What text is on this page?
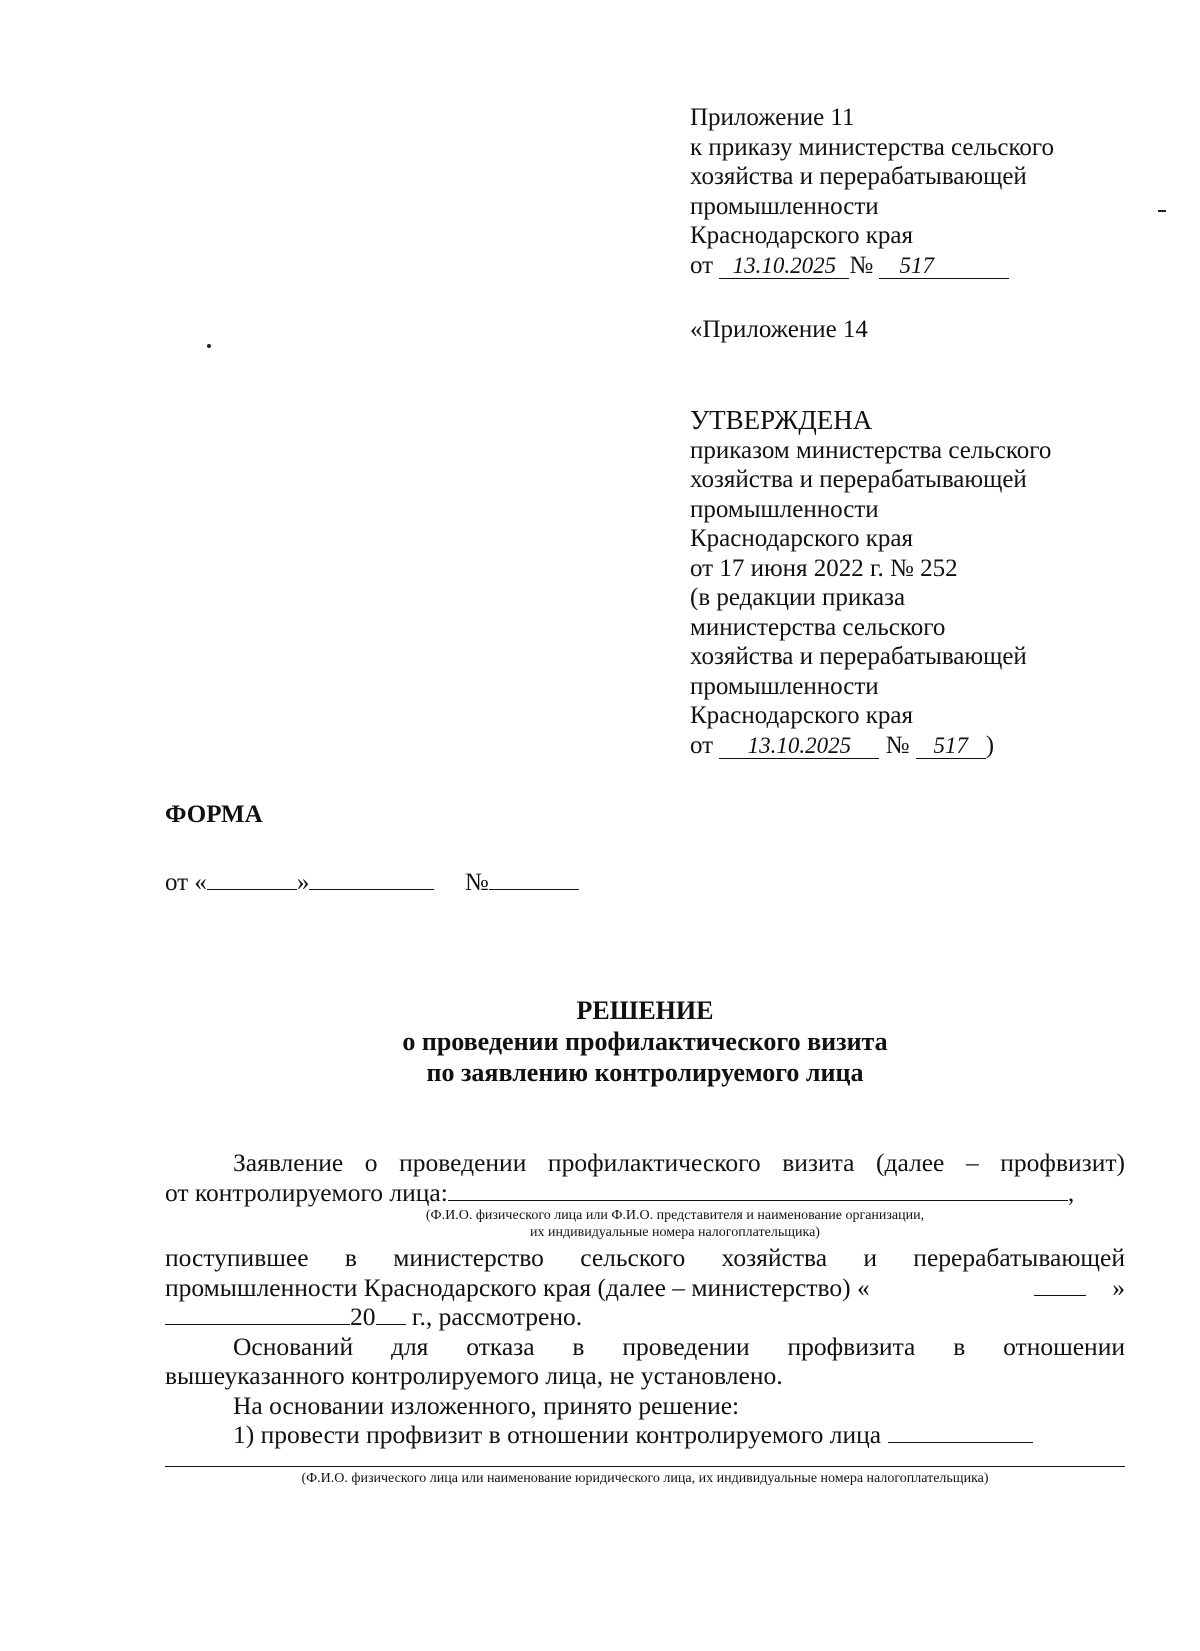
Приложение 11
к приказу министерства сельского
хозяйства и перерабатывающей
промышленности
Краснодарского края
от 13.10.2025 № 517
«Приложение 14
УТВЕРЖДЕНА
приказом министерства сельского
хозяйства и перерабатывающей
промышленности
Краснодарского края
от 17 июня 2022 г. № 252
(в редакции приказа
министерства сельского
хозяйства и перерабатывающей
промышленности
Краснодарского края
от 13.10.2025 № 517 )
ФОРМА
от «	»	№
РЕШЕНИЕ
о проведении профилактического визита
по заявлению контролируемого лица
Заявление о проведении профилактического визита (далее – профвизит)
от контролируемого лица:	,
(Ф.И.О. физического лица или Ф.И.О. представителя и наименование организации,
их индивидуальные номера налогоплательщика)
поступившее в министерство сельского хозяйства и перерабатывающей
промышленности Краснодарского края (далее – министерство) «	»
20 г., рассмотрено.
Оснований для отказа в проведении профвизита в отношении
вышеуказанного контролируемого лица, не установлено.
На основании изложенного, принято решение:
1) провести профвизит в отношении контролируемого лица
(Ф.И.О. физического лица или наименование юридического лица, их индивидуальные номера налогоплательщика)
